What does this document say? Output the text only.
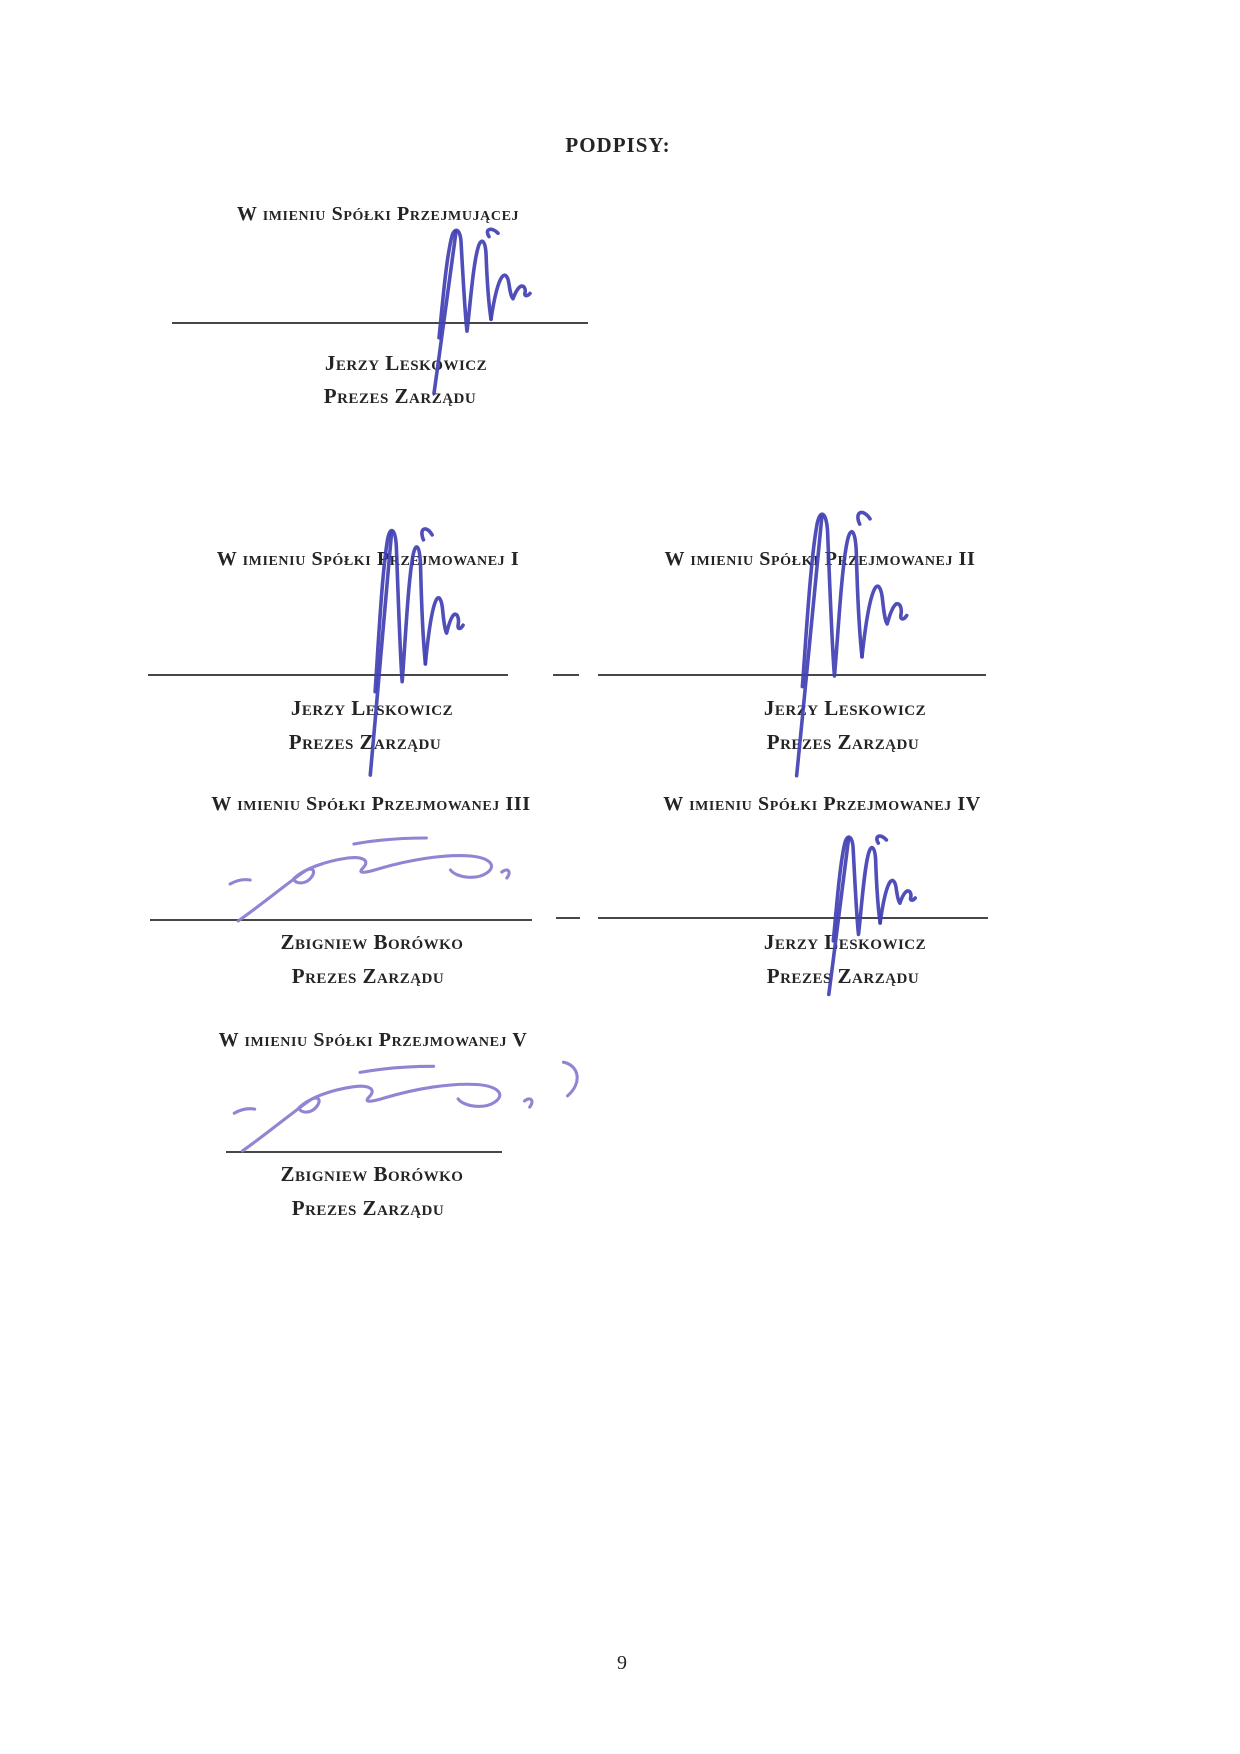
PODPISY:
W imieniu Spółki Przejmującej
Jerzy Leskowicz
Prezes Zarządu
W imieniu Spółki Przejmowanej I
Jerzy Leskowicz
Prezes Zarządu
W imieniu Spółki Przejmowanej II
Jerzy Leskowicz
Prezes Zarządu
W imieniu Spółki Przejmowanej III
Zbigniew Borówko
Prezes Zarządu
W imieniu Spółki Przejmowanej IV
Jerzy Leskowicz
Prezes Zarządu
W imieniu Spółki Przejmowanej V
Zbigniew Borówko
Prezes Zarządu
9
